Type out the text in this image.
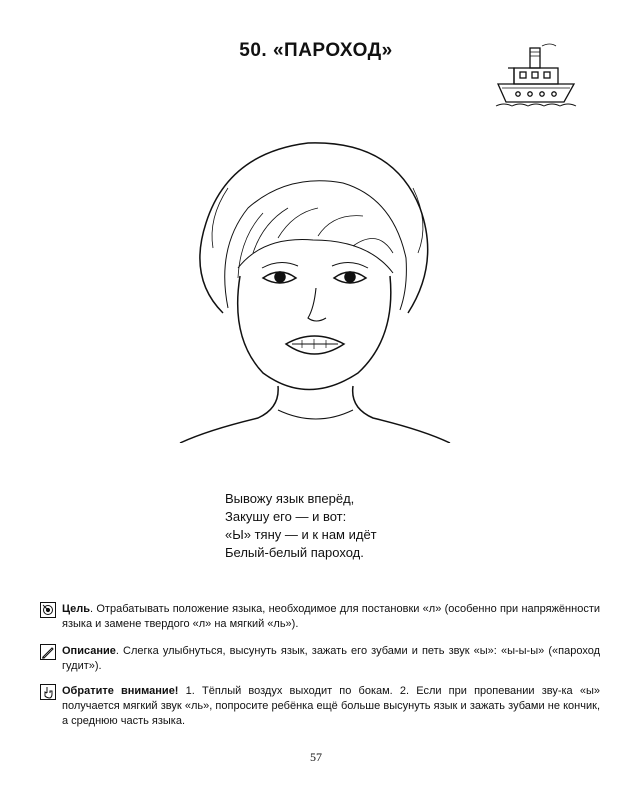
50. «ПАРОХОД»
Вывожу язык вперёд,
Закушу его — и вот:
«Ы» тяну — и к нам идёт
Белый-белый пароход.
Цель. Отрабатывать положение языка, необходимое для постановки «л» (особенно при напряжённости языка и замене твердого «л» на мягкий «ль»).
Описание. Слегка улыбнуться, высунуть язык, зажать его зубами и петь звук «ы»: «ы-ы-ы» («пароход гудит»).
Обратите внимание! 1. Тёплый воздух выходит по бокам. 2. Если при пропевании зву-ка «ы» получается мягкий звук «ль», попросите ребёнка ещё больше высунуть язык и зажать зубами не кончик, а среднюю часть языка.
57
